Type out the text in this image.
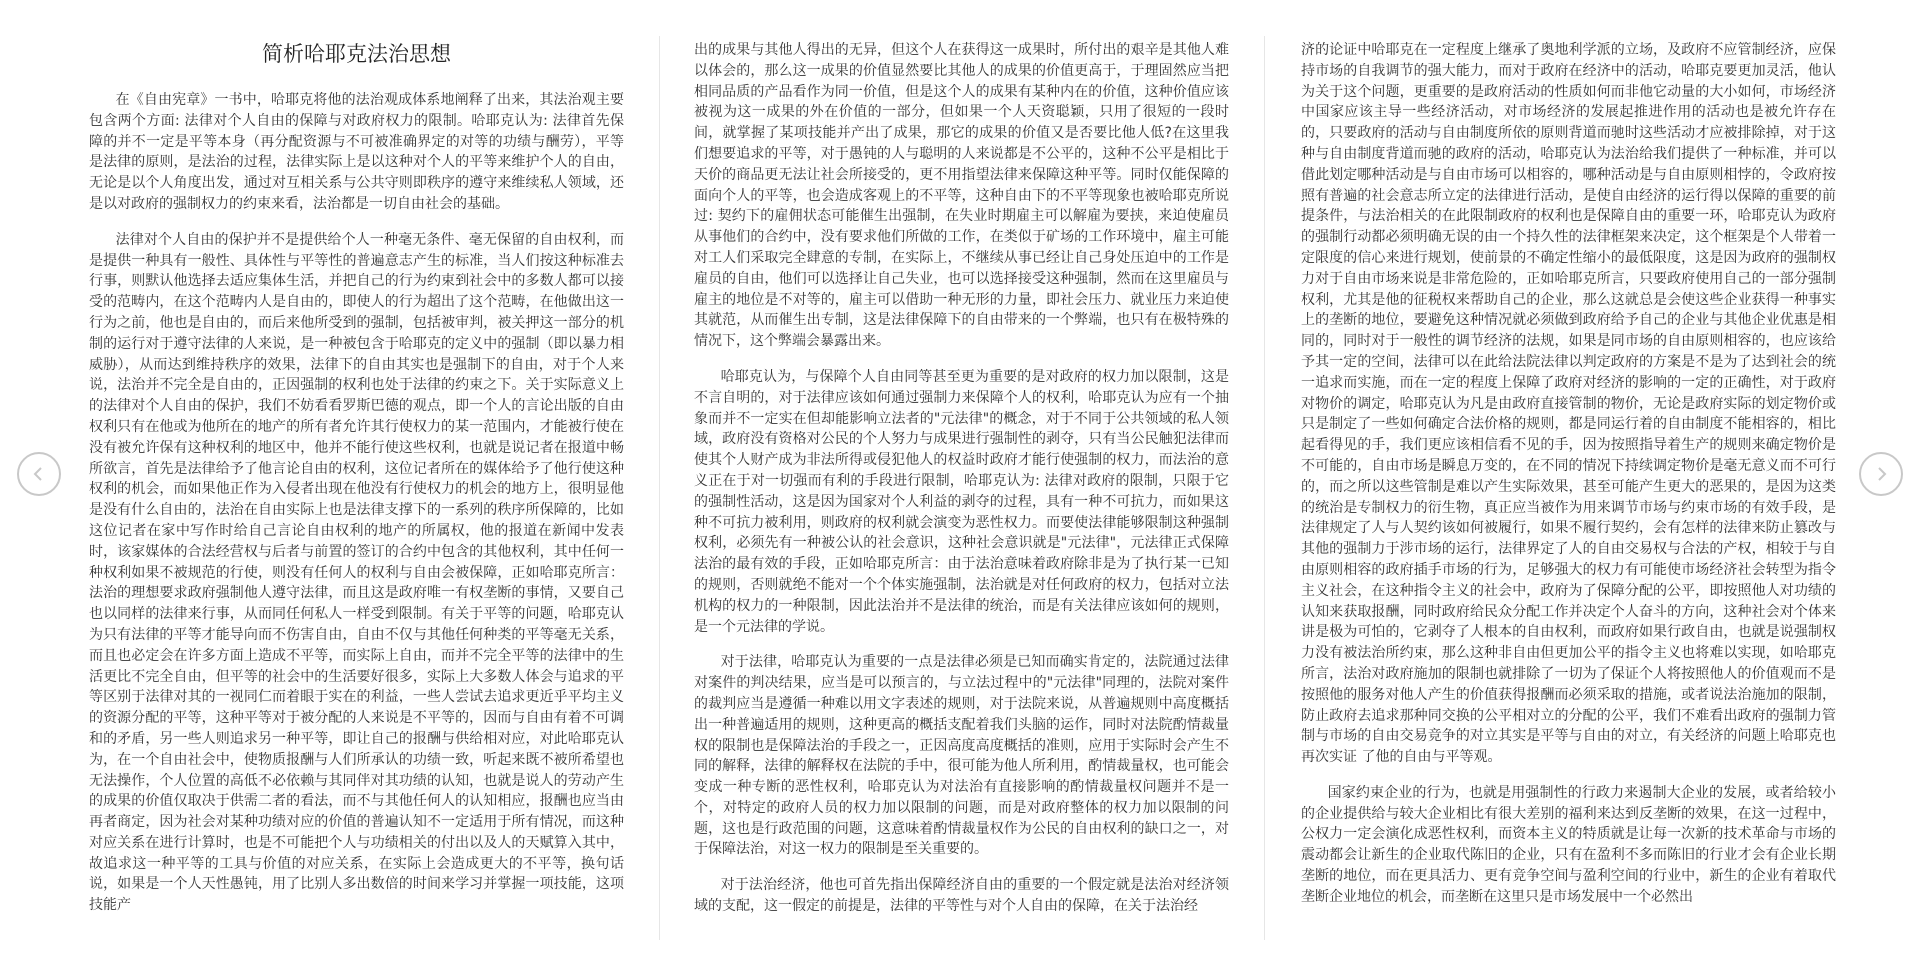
简析哈耶克法治思想

在《自由宪章》一书中，哈耶克将他的法治观成体系地阐释了出来，其法治观主要包含两个方面: 法律对个人自由的保障与对政府权力的限制。哈耶克认为: 法律首先保障的并不一定是平等本身（再分配资源与不可被准确界定的对等的功绩与酬劳），平等是法律的原则，是法治的过程，法律实际上是以这种对个人的平等来维护个人的自由，无论是以个人角度出发，通过对互相关系与公共守则即秩序的遵守来维续私人领域，还是以对政府的强制权力的约束来看，法治都是一切自由社会的基础。

法律对个人自由的保护并不是提供给个人一种毫无条件、毫无保留的自由权利，而是提供一种具有一般性、具体性与平等性的普遍意志产生的标准，当人们按这种标准去行事，则默认他选择去适应集体生活，并把自己的行为约束到社会中的多数人都可以接受的范畴内，在这个范畴内人是自由的，即使人的行为超出了这个范畴，在他做出这一行为之前，他也是自由的，而后来他所受到的强制，包括被审判，被关押这一部分的机制的运行对于遵守法律的人来说，是一种被包含于哈耶克的定义中的强制（即以暴力相威胁），从而达到维持秩序的效果，法律下的自由其实也是强制下的自由，对于个人来说，法治并不完全是自由的，正因强制的权利也处于法律的约束之下。关于实际意义上的法律对个人自由的保护，我们不妨看看罗斯巴德的观点，即一个人的言论出版的自由权利只有在他或为他所在的地产的所有者允许其行使权力的某一范围内，才能被行使在没有被允许保有这种权利的地区中，他并不能行使这些权利，也就是说记者在报道中畅所欲言，首先是法律给予了他言论自由的权利，这位记者所在的媒体给予了他行使这种权利的机会，而如果他正作为入侵者出现在他没有行使权力的机会的地方上，很明显他是没有什么自由的，法治在自由实际上也是法律支撑下的一系列的秩序所保障的，比如这位记者在家中写作时给自己言论自由权利的地产的所属权，他的报道在新闻中发表时，该家媒体的合法经营权与后者与前置的签订的合约中包含的其他权利，其中任何一种权利如果不被规范的行使，则没有任何人的权利与自由会被保障，正如哈耶克所言：法治的理想要求政府强制他人遵守法律，而且这是政府唯一有权垄断的事情，又要自己也以同样的法律来行事，从而同任何私人一样受到限制。有关于平等的问题，哈耶克认为只有法律的平等才能导向而不伤害自由，自由不仅与其他任何种类的平等毫无关系，而且也必定会在许多方面上造成不平等，而实际上自由，而并不完全平等的法律中的生活更比不完全自由，但平等的社会中的生活要好很多，实际上大多数人体会与追求的平等区别于法律对其的一视同仁而着眼于实在的利益，一些人尝试去追求更近乎平均主义的资源分配的平等，这种平等对于被分配的人来说是不平等的，因而与自由有着不可调和的矛盾，另一些人则追求另一种平等，即让自己的报酬与供给相对应，对此哈耶克认为，在一个自由社会中，使物质报酬与人们所承认的功绩一致，听起来既不被所希望也无法操作，个人位置的高低不必依赖与其同伴对其功绩的认知，也就是说人的劳动产生的成果的价值仅取决于供需二者的看法，而不与其他任何人的认知相应，报酬也应当由再者商定，因为社会对某种功绩对应的价值的普遍认知不一定适用于所有情况，而这种对应关系在进行计算时，也是不可能把个人与功绩相关的付出以及人的天赋算入其中，故追求这一种平等的工具与价值的对应关系，在实际上会造成更大的不平等，换句话说，如果是一个人天性愚钝，用了比别人多出数倍的时间来学习并掌握一项技能，这项技能产

出的成果与其他人得出的无异，但这个人在获得这一成果时，所付出的艰辛是其他人难以体会的，那么这一成果的价值显然要比其他人的成果的价值更高于，于理固然应当把相同品质的产品看作为同一价值，但是这个人的成果有某种内在的价值，这种价值应该被视为这一成果的外在价值的一部分，但如果一个人天资聪颖，只用了很短的一段时间，就掌握了某项技能并产出了成果，那它的成果的价值又是否要比他人低?在这里我们想要追求的平等，对于愚钝的人与聪明的人来说都是不公平的，这种不公平是相比于天价的商品更无法让社会所接受的，更不用指望法律来保障这种平等。同时仅能保障的面向个人的平等，也会造成客观上的不平等，这种自由下的不平等现象也被哈耶克所说过: 契约下的雇佣状态可能催生出强制，在失业时期雇主可以解雇为要挟，来迫使雇员从事他们的合约中，没有要求他们所做的工作，在类似于矿场的工作环境中，雇主可能对工人们采取完全肆意的专制，在实际上，不继续从事已经让自己身处压迫中的工作是雇员的自由，他们可以选择让自己失业，也可以选择接受这种强制，然而在这里雇员与雇主的地位是不对等的，雇主可以借助一种无形的力量，即社会压力、就业压力来迫使其就范，从而催生出专制，这是法律保障下的自由带来的一个弊端，也只有在极特殊的情况下，这个弊端会暴露出来。

哈耶克认为，与保障个人自由同等甚至更为重要的是对政府的权力加以限制，这是不言自明的，对于法律应该如何通过强制力来保障个人的权利，哈耶克认为应有一个抽象而并不一定实在但却能影响立法者的"元法律"的概念，对于不同于公共领域的私人领域，政府没有资格对公民的个人努力与成果进行强制性的剥夺，只有当公民触犯法律而使其个人财产成为非法所得或侵犯他人的权益时政府才能行使强制的权力，而法治的意义正在于对一切强而有利的手段进行限制，哈耶克认为: 法律对政府的限制，只限于它的强制性活动，这是因为国家对个人利益的剥夺的过程，具有一种不可抗力，而如果这种不可抗力被利用，则政府的权利就会演变为恶性权力。而要使法律能够限制这种强制权利，必须先有一种被公认的社会意识，这种社会意识就是"元法律"，元法律正式保障法治的最有效的手段，正如哈耶克所言：由于法治意味着政府除非是为了执行某一已知的规则，否则就绝不能对一个个体实施强制，法治就是对任何政府的权力，包括对立法机构的权力的一种限制，因此法治并不是法律的统治，而是有关法律应该如何的规则，是一个元法律的学说。

对于法律，哈耶克认为重要的一点是法律必须是已知而确实肯定的，法院通过法律对案件的判决结果，应当是可以预言的，与立法过程中的"元法律"同理的，法院对案件的裁判应当是遵循一种难以用文字表述的规则，对于法院来说，从普遍规则中高度概括出一种普遍适用的规则，这种更高的概括支配着我们头脑的运作，同时对法院酌情裁量权的限制也是保障法治的手段之一，正因高度高度概括的准则，应用于实际时会产生不同的解释，法律的解释权在法院的手中，很可能为他人所利用，酌情裁量权，也可能会变成一种专断的恶性权利，哈耶克认为对法治有直接影响的酌情裁量权问题并不是一个，对特定的政府人员的权力加以限制的问题，而是对政府整体的权力加以限制的问题，这也是行政范围的问题，这意味着酌情裁量权作为公民的自由权利的缺口之一，对于保障法治，对这一权力的限制是至关重要的。

对于法治经济，他也可首先指出保障经济自由的重要的一个假定就是法治对经济领域的支配，这一假定的前提是，法律的平等性与对个人自由的保障，在关于法治经

济的论证中哈耶克在一定程度上继承了奥地利学派的立场，及政府不应管制经济，应保持市场的自我调节的强大能力，而对于政府在经济中的活动，哈耶克要更加灵活，他认为关于这个问题，更重要的是政府活动的性质如何而非他它动量的大小如何，市场经济中国家应该主导一些经济活动，对市场经济的发展起推进作用的活动也是被允许存在的，只要政府的活动与自由制度所依的原则背道而驰时这些活动才应被排除掉，对于这种与自由制度背道而驰的政府的活动，哈耶克认为法治给我们提供了一种标准，并可以借此划定哪种活动是与自由市场可以相容的，哪种活动是与自由原则相悖的，令政府按照有普遍的社会意志所立定的法律进行活动，是使自由经济的运行得以保障的重要的前提条件，与法治相关的在此限制政府的权利也是保障自由的重要一环，哈耶克认为政府的强制行动都必须明确无误的由一个持久性的法律框架来决定，这个框架是个人带着一定限度的信心来进行规划，使前景的不确定性缩小的最低限度，这是因为政府的强制权力对于自由市场来说是非常危险的，正如哈耶克所言，只要政府使用自己的一部分强制权利，尤其是他的征税权来帮助自己的企业，那么这就总是会使这些企业获得一种事实上的垄断的地位，要避免这种情况就必须做到政府给予自己的企业与其他企业优惠是相同的，同时对于一般性的调节经济的法规，如果是同市场的自由原则相容的，也应该给予其一定的空间，法律可以在此给法院法律以判定政府的方案是不是为了达到社会的统一追求而实施，而在一定的程度上保障了政府对经济的影响的一定的正确性，对于政府对物价的调定，哈耶克认为凡是由政府直接管制的物价，无论是政府实际的划定物价或只是制定了一些如何确定合法价格的规则，都是同运行着的自由制度不能相容的，相比起看得见的手，我们更应该相信看不见的手，因为按照指导着生产的规则来确定物价是不可能的，自由市场是瞬息万变的，在不同的情况下持续调定物价是毫无意义而不可行的，而之所以这些管制是难以产生实际效果，甚至可能产生更大的恶果的，是因为这类的统治是专制权力的衍生物，真正应当被作为用来调节市场与约束市场的有效手段，是法律规定了人与人契约该如何被履行，如果不履行契约，会有怎样的法律来防止篡改与其他的强制力于涉市场的运行，法律界定了人的自由交易权与合法的产权，相较于与自由原则相容的政府插手市场的行为，足够强大的权力有可能使市场经济社会转型为指令主义社会，在这种指令主义的社会中，政府为了保障分配的公平，即按照他人对功绩的认知来获取报酬，同时政府给民众分配工作并决定个人奋斗的方向，这种社会对个体来讲是极为可怕的，它剥夺了人根本的自由权利，而政府如果行政自由，也就是说强制权力没有被法治所约束，那么这种非自由但更加公平的指令主义也将难以实现，如哈耶克所言，法治对政府施加的限制也就排除了一切为了保证个人将按照他人的价值观而不是按照他的服务对他人产生的价值获得报酬而必须采取的措施，或者说法治施加的限制，防止政府去追求那种同交换的公平相对立的分配的公平，我们不难看出政府的强制力管制与市场的自由交易竞争的对立其实是平等与自由的对立，有关经济的问题上哈耶克也再次实证 了他的自由与平等观。

国家约束企业的行为，也就是用强制性的行政力来遏制大企业的发展，或者给较小的企业提供给与较大企业相比有很大差别的福利来达到反垄断的效果，在这一过程中，公权力一定会演化成恶性权利，而资本主义的特质就是让每一次新的技术革命与市场的震动都会让新生的企业取代陈旧的企业，只有在盈利不多而陈旧的行业才会有企业长期垄断的地位，而在更具活力、更有竞争空间与盈利空间的行业中，新生的企业有着取代垄断企业地位的机会，而垄断在这里只是市场发展中一个必然出
